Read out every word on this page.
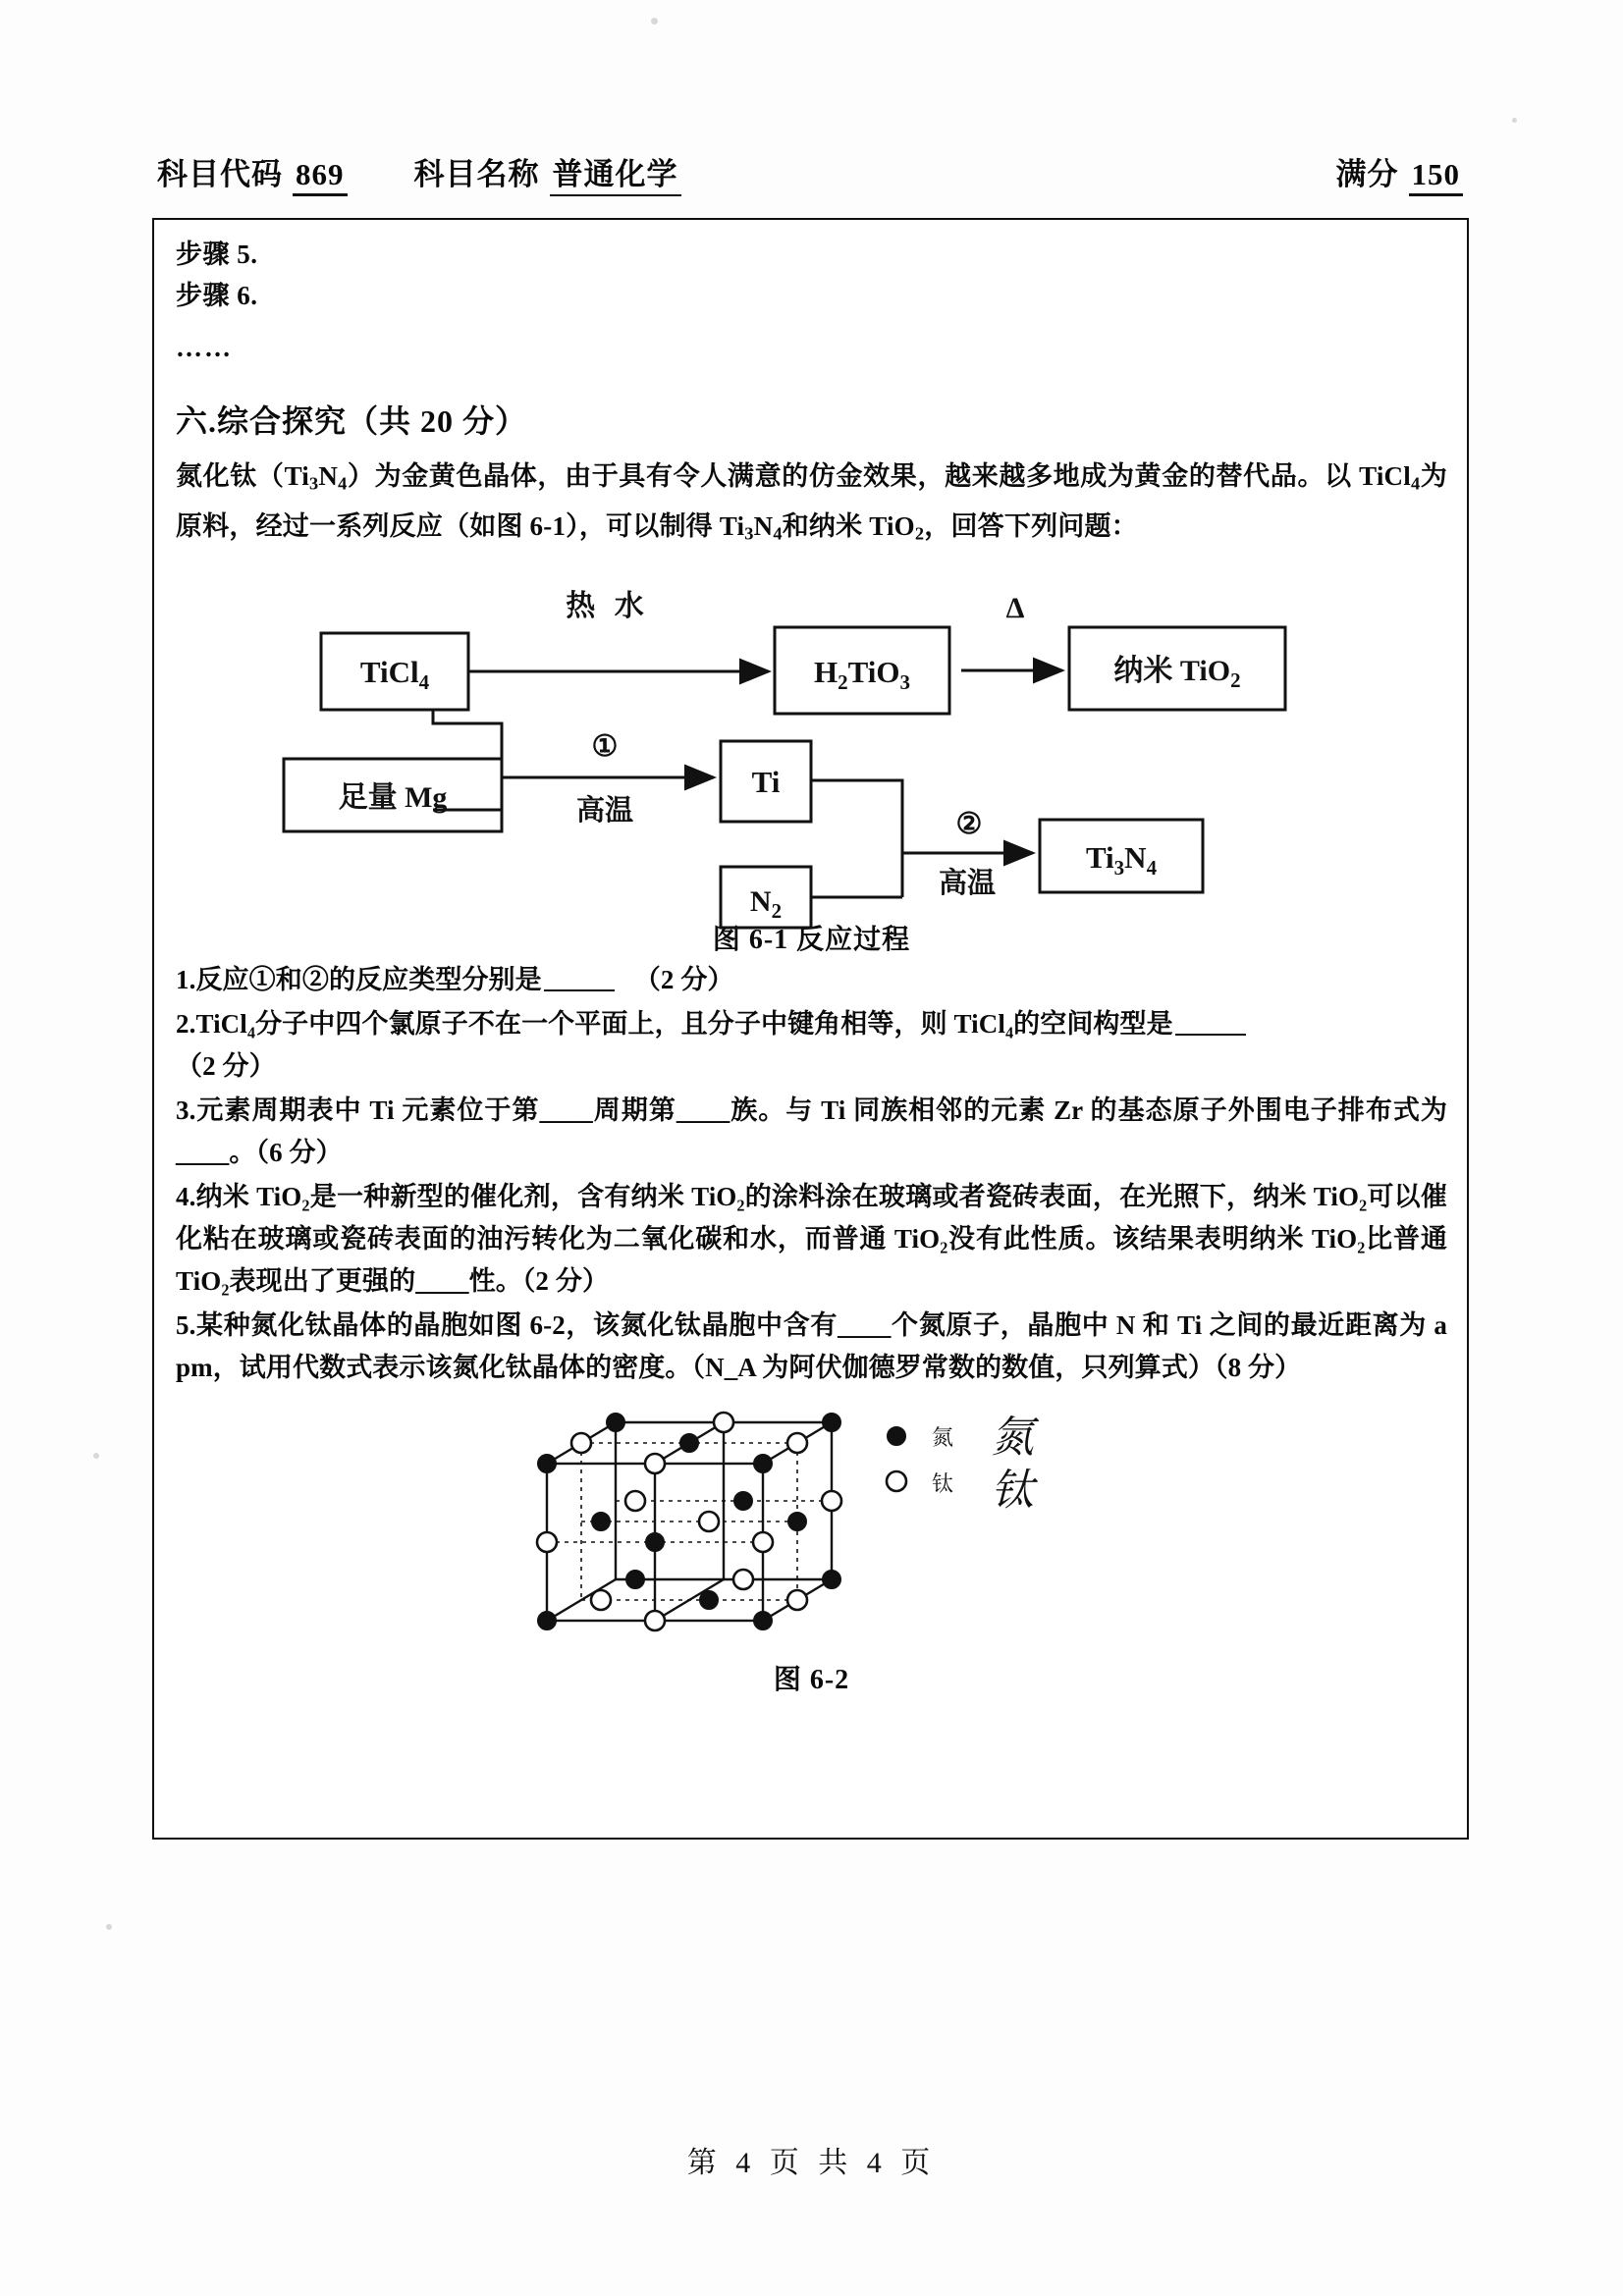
科目代码 869 科目名称 普通化学	满分 150
步骤 5.
步骤 6.
……
六.综合探究（共 20 分）
氮化钛$(Ti_3N_4)$为金黄色晶体，由于具有令人满意的仿金效果，越来越多地成为黄金的替代品。以 TiCl$_4$为原料，经过一系列反应（如图 6-1），可以制得 $Ti_3N_4$和纳米 TiO$_2$，回答下列问题：
TiCl$_4$	$H_2TiO_3$	纳米 TiO$_2$
足量 Mg	Ti
$N_2$
$Ti_3N_4$
热 水	Δ
①
高温	②
高温
图 6-1 反应过程
1.反应①和②的反应类型分别是	（2 分）
2.TiCl₄分子中四个氯原子不在一个平面上，且分子中键角相等，则 TiCl₄的空间构型是
（2 分）
3.元素周期表中 Ti 元素位于第____周期第____族。与 Ti 同族相邻的元素 Zr 的基态原子外围电子排布式为____。（6 分）
4.纳米 TiO₂是一种新型的催化剂，含有纳米 TiO₂的涂料涂在玻璃或者瓷砖表面，在光照下，纳米 TiO₂可以催化粘在玻璃或瓷砖表面的油污转化为二氧化碳和水，而普通 TiO₂没有此性质。该结果表明纳米 TiO₂比普通 TiO₂表现出了更强的____性。（2 分）
5.某种氮化钛晶体的晶胞如图 6-2，该氮化钛晶胞中含有____个氮原子，晶胞中 N 和 Ti 之间的最近距离为 a pm，试用代数式表示该氮化钛晶体的密度。（N_A 为阿伏伽德罗常数的数值，只列算式）（8 分）
氮
钛
氮
钛
图 6-2
第 4 页 共 4 页
